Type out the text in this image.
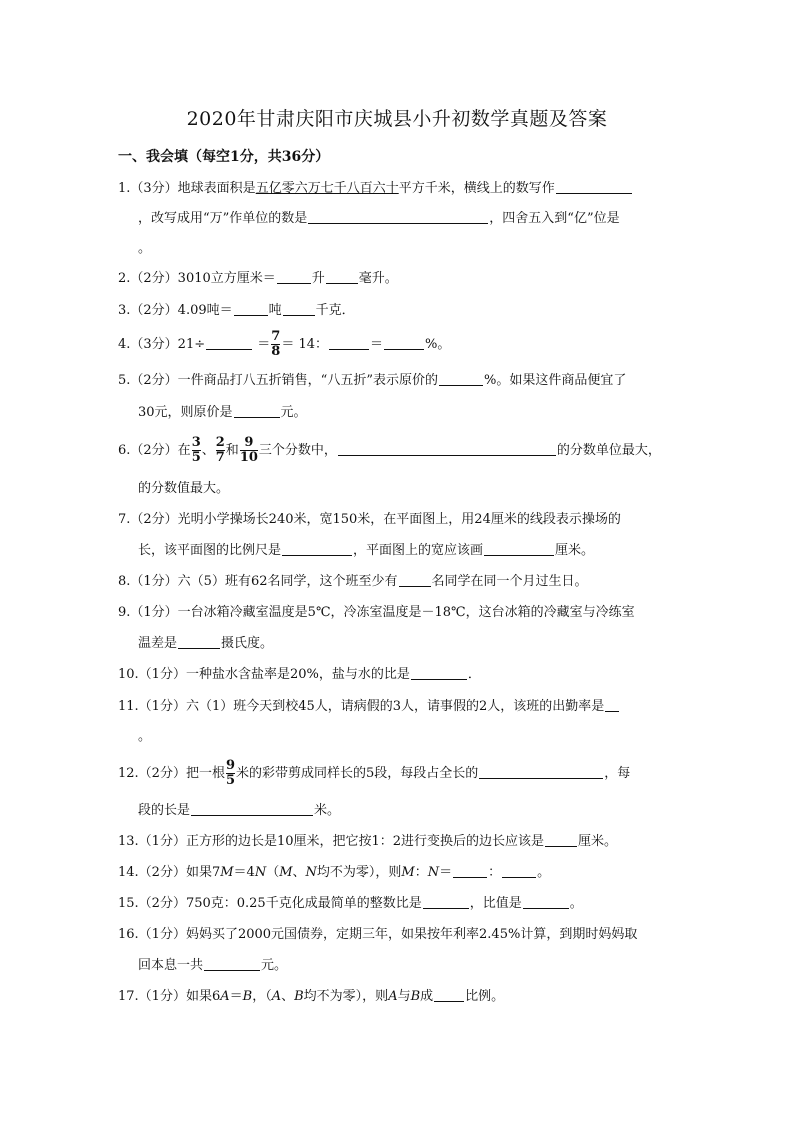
2020年甘肃庆阳市庆城县小升初数学真题及答案
一、我会填（每空1分，共36分）
1.（3分）地球表面积是五亿零六万七千八百六十平方千米，横线上的数写作
，改写成用“万”作单位的数是	，四舍五入到“亿”位是
。
2.（2分）3010立方厘米＝	升	毫升。
3.（2分）4.09吨＝	吨	千克．
4.（3分）21÷	＝ $\frac{7}{8} = 14$：	＝	%。
5.（2分）一件商品打八五折销售，“八五折”表示原价的	%。如果这件商品便宜了
30元，则原价是	元。
6.（2分）在 $\frac{3}{5}$ 、 $\frac{2}{7}$ 和 $\frac{9}{10}$ 三个分数中，	的分数单位最大，
的分数值最大。
7.（2分）光明小学操场长240米，宽150米，在平面图上，用24厘米的线段表示操场的
长，该平面图的比例尺是	，平面图上的宽应该画	厘米。
8.（1分）六（5）班有62名同学，这个班至少有	名同学在同一个月过生日。
9.（1分）一台冰箱冷藏室温度是5℃，冷冻室温度是－18℃，这台冰箱的冷藏室与冷练室
温差是	摄氏度。
10.（1分）一种盐水含盐率是20%，盐与水的比是	．
11.（1分）六（1）班今天到校45人，请病假的3人，请事假的2人，该班的出勤率是
。
12.（2分）把一根 $\frac{9}{5}$ 米的彩带剪成同样长的5段，每段占全长的	，每
段的长是	米。
13.（1分）正方形的边长是10厘米，把它按1：2进行变换后的边长应该是	厘米。
14.（2分）如果7M＝4N（M、N均不为零），则M：N＝	：	。
15.（2分）750克：0.25千克化成最简单的整数比是	，比值是	。
16.（1分）妈妈买了2000元国债券，定期三年，如果按年利率2.45%计算，到期时妈妈取
回本息一共	元。
17.（1分）如果6A＝B，（A、B均不为零），则A与B成 比例。
